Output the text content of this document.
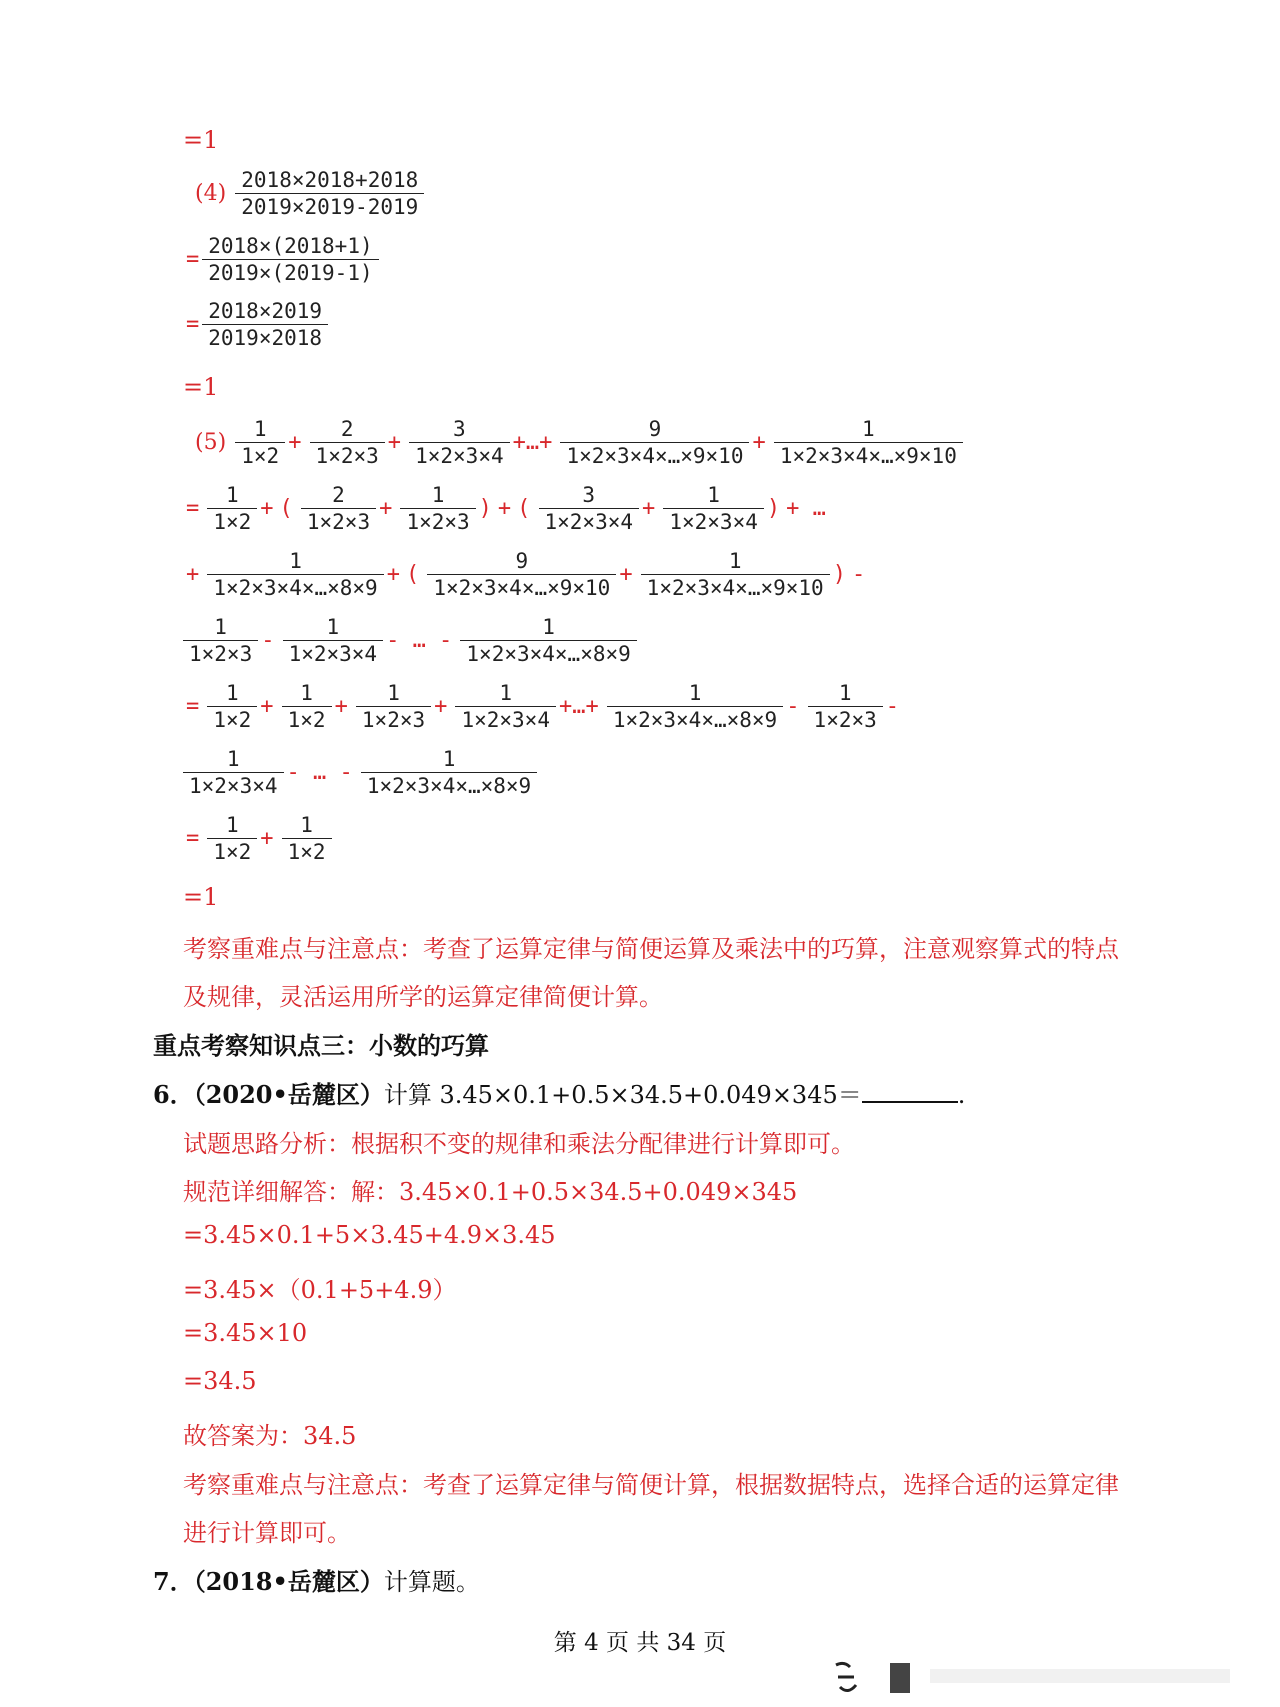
=1
$(4) \frac{2018\times 2018+2018}{2019\times 2019-2019}$
= $\frac{2018\times(2018+1)}{2019\times(2019-1)}$
= $\frac{2018\times 2019}{2019\times 2018}$
=1
$(5) \frac{1}{1\times 2} + \frac{2}{1\times 2\times 3} + \frac{3}{1\times 2\times 3\times 4}$ +…+ $\frac{9}{1\times 2\times 3\times 4\times\dots\times 9\times 10} + \frac{1}{1\times 2\times 3\times 4\times\dots\times 9\times 10}$
= $\frac{1}{1\times 2}$ + ( $\frac{2}{1\times 2\times 3} + \frac{1}{1\times 2\times 3}$ ) + ( $\frac{3}{1\times 2\times 3\times 4} + \frac{1}{1\times 2\times 3\times 4}$ ) + …
+ $\frac{1}{1\times 2\times 3\times 4\times\dots\times 8\times 9}$ + ( $\frac{9}{1\times 2\times 3\times 4\times\dots\times 9\times 10} + \frac{1}{1\times 2\times 3\times 4\times\dots\times 9\times 10}$ ) -
$\frac{1}{1\times 2\times 3} - \frac{1}{1\times 2\times 3\times 4}$ - … - $\frac{1}{1\times 2\times 3\times 4\times\dots\times 8\times 9}$
= $\frac{1}{1\times 2} + \frac{1}{1\times 2} + \frac{1}{1\times 2\times 3} + \frac{1}{1\times 2\times 3\times 4}$ +…+ $\frac{1}{1\times 2\times 3\times 4\times\dots\times 8\times 9} - \frac{1}{1\times 2\times 3}$ -
$\frac{1}{1\times 2\times 3\times 4}$ - … - $\frac{1}{1\times 2\times 3\times 4\times\dots\times 8\times 9}$
= $\frac{1}{1\times 2} + \frac{1}{1\times 2}$
=1
考察重难点与注意点：考查了运算定律与简便运算及乘法中的巧算，注意观察算式的特点
及规律，灵活运用所学的运算定律简便计算。
重点考察知识点三：小数的巧算
6．（2020•岳麓区）计算 3.45×0.1+0.5×34.5+0.049×345＝	.
试题思路分析：根据积不变的规律和乘法分配律进行计算即可。
规范详细解答：解：3.45×0.1+0.5×34.5+0.049×345
=3.45×0.1+5×3.45+4.9×3.45
=3.45×（0.1+5+4.9）
=3.45×10
=34.5
故答案为：34.5
考察重难点与注意点：考查了运算定律与简便计算，根据数据特点，选择合适的运算定律
进行计算即可。
7．（2018•岳麓区）计算题。
第 4 页 共 34 页
